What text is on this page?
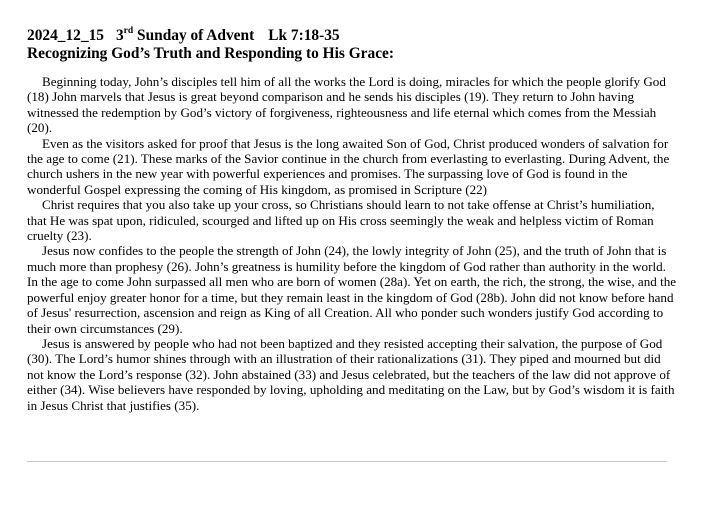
2024_12_15 3rd Sunday of Advent Lk 7:18-35
Recognizing God’s Truth and Responding to His Grace:

Beginning today, John’s disciples tell him of all the works the Lord is doing, miracles for which the people glorify God (18) John marvels that Jesus is great beyond comparison and he sends his disciples (19). They return to John having witnessed the redemption by God’s victory of forgiveness, righteousness and life eternal which comes from the Messiah (20).

Even as the visitors asked for proof that Jesus is the long awaited Son of God, Christ produced wonders of salvation for the age to come (21). These marks of the Savior continue in the church from everlasting to everlasting. During Advent, the church ushers in the new year with powerful experiences and promises. The surpassing love of God is found in the wonderful Gospel expressing the coming of His kingdom, as promised in Scripture (22)

Christ requires that you also take up your cross, so Christians should learn to not take offense at Christ’s humiliation, that He was spat upon, ridiculed, scourged and lifted up on His cross seemingly the weak and helpless victim of Roman cruelty (23).

Jesus now confides to the people the strength of John (24), the lowly integrity of John (25), and the truth of John that is much more than prophesy (26). John’s greatness is humility before the kingdom of God rather than authority in the world. In the age to come John surpassed all men who are born of women (28a). Yet on earth, the rich, the strong, the wise, and the powerful enjoy greater honor for a time, but they remain least in the kingdom of God (28b). John did not know before hand of Jesus' resurrection, ascension and reign as King of all Creation. All who ponder such wonders justify God according to their own circumstances (29).

Jesus is answered by people who had not been baptized and they resisted accepting their salvation, the purpose of God (30). The Lord’s humor shines through with an illustration of their rationalizations (31). They piped and mourned but did not know the Lord’s response (32). John abstained (33) and Jesus celebrated, but the teachers of the law did not approve of either (34). Wise believers have responded by loving, upholding and meditating on the Law, but by God’s wisdom it is faith in Jesus Christ that justifies (35).
